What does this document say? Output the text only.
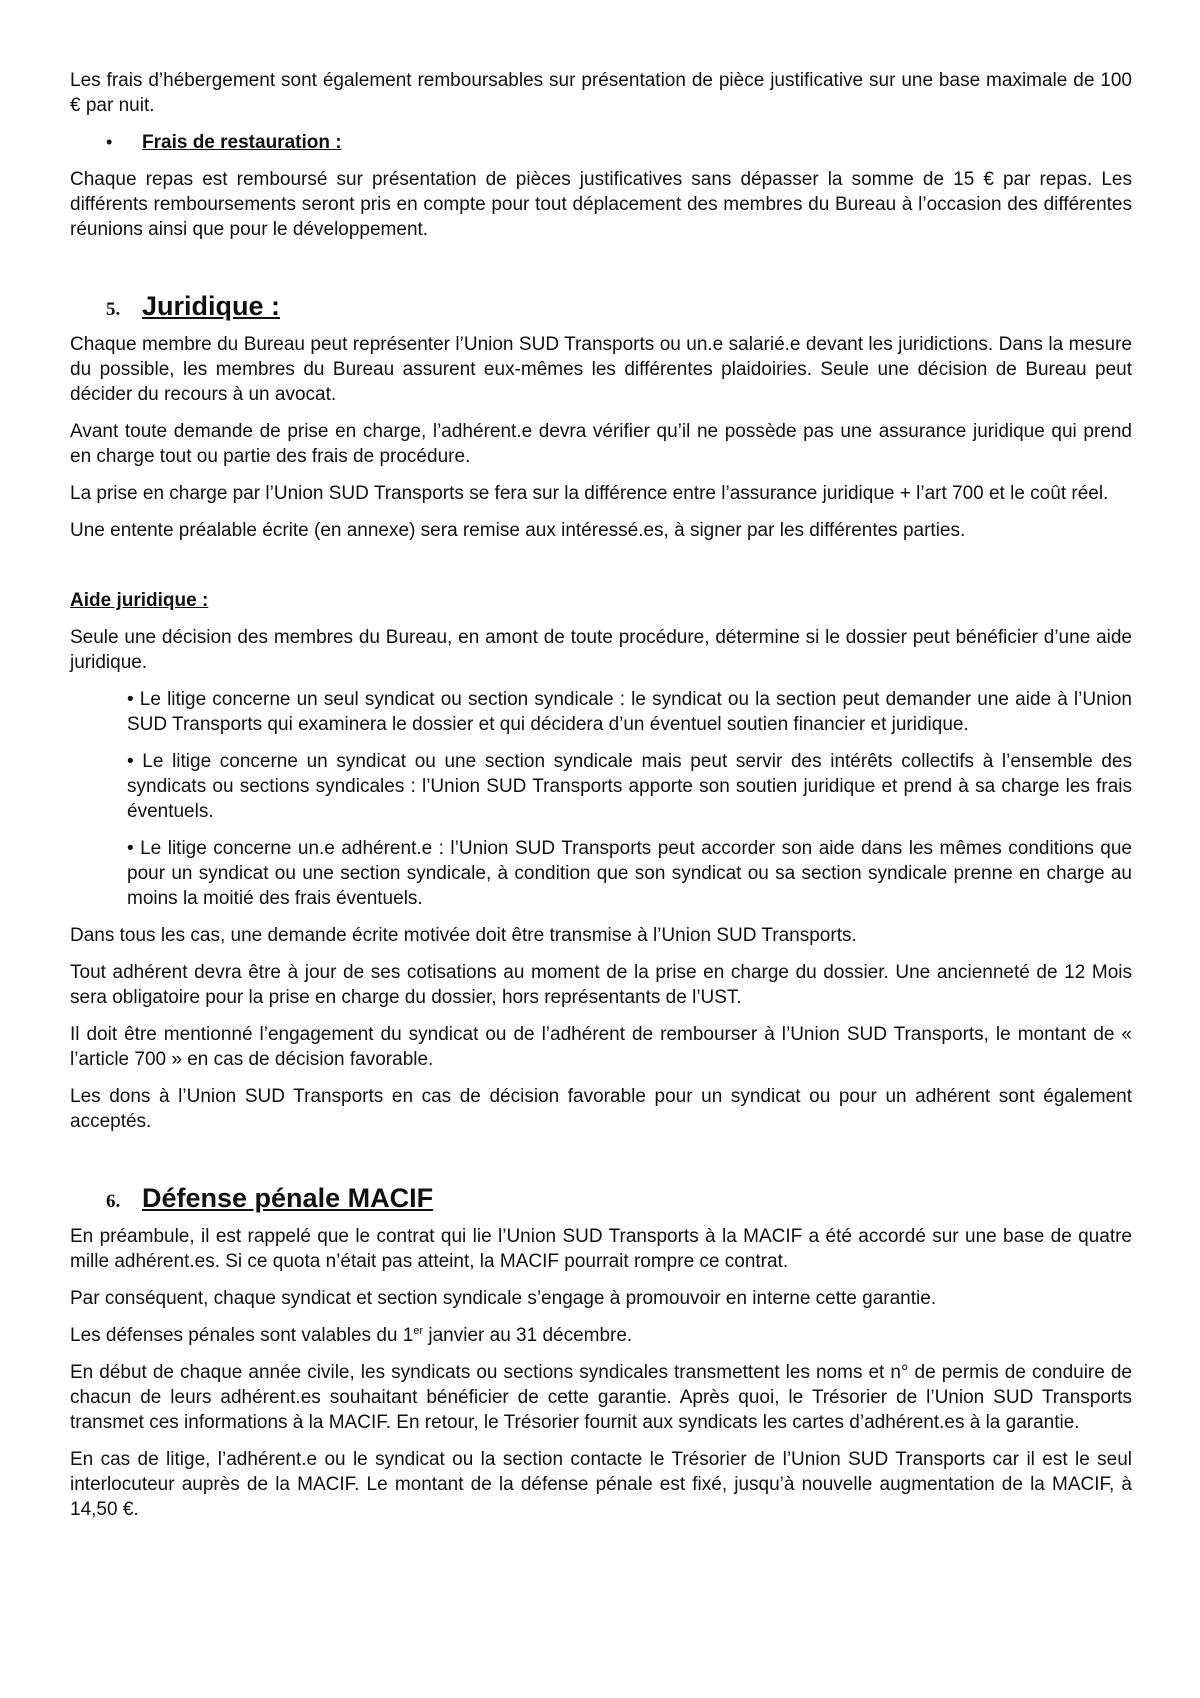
Les frais d’hébergement sont également remboursables sur présentation de pièce justificative sur une base maximale de 100 € par nuit.

•	Frais de restauration :

Chaque repas est remboursé sur présentation de pièces justificatives sans dépasser la somme de 15 € par repas. Les différents remboursements seront pris en compte pour tout déplacement des membres du Bureau à l’occasion des différentes réunions ainsi que pour le développement.

5. Juridique :

Chaque membre du Bureau peut représenter l’Union SUD Transports ou un.e salarié.e devant les juridictions. Dans la mesure du possible, les membres du Bureau assurent eux-mêmes les différentes plaidoiries. Seule une décision de Bureau peut décider du recours à un avocat.

Avant toute demande de prise en charge, l’adhérent.e devra vérifier qu’il ne possède pas une assurance juridique qui prend en charge tout ou partie des frais de procédure.

La prise en charge par l’Union SUD Transports se fera sur la différence entre l’assurance juridique + l’art 700 et le coût réel.

Une entente préalable écrite (en annexe) sera remise aux intéressé.es, à signer par les différentes parties.

Aide juridique :

Seule une décision des membres du Bureau, en amont de toute procédure, détermine si le dossier peut bénéficier d’une aide juridique.

• Le litige concerne un seul syndicat ou section syndicale : le syndicat ou la section peut demander une aide à l’Union SUD Transports qui examinera le dossier et qui décidera d’un éventuel soutien financier et juridique.
• Le litige concerne un syndicat ou une section syndicale mais peut servir des intérêts collectifs à l’ensemble des syndicats ou sections syndicales : l’Union SUD Transports apporte son soutien juridique et prend à sa charge les frais éventuels.
• Le litige concerne un.e adhérent.e : l’Union SUD Transports peut accorder son aide dans les mêmes conditions que pour un syndicat ou une section syndicale, à condition que son syndicat ou sa section syndicale prenne en charge au moins la moitié des frais éventuels.

Dans tous les cas, une demande écrite motivée doit être transmise à l’Union SUD Transports.

Tout adhérent devra être à jour de ses cotisations au moment de la prise en charge du dossier. Une ancienneté de 12 Mois sera obligatoire pour la prise en charge du dossier, hors représentants de l’UST.

Il doit être mentionné l’engagement du syndicat ou de l’adhérent de rembourser à l’Union SUD Transports, le montant de « l’article 700 » en cas de décision favorable.

Les dons à l’Union SUD Transports en cas de décision favorable pour un syndicat ou pour un adhérent sont également acceptés.

6. Défense pénale MACIF

En préambule, il est rappelé que le contrat qui lie l’Union SUD Transports à la MACIF a été accordé sur une base de quatre mille adhérent.es. Si ce quota n’était pas atteint, la MACIF pourrait rompre ce contrat.

Par conséquent, chaque syndicat et section syndicale s’engage à promouvoir en interne cette garantie.

Les défenses pénales sont valables du 1er janvier au 31 décembre.

En début de chaque année civile, les syndicats ou sections syndicales transmettent les noms et n° de permis de conduire de chacun de leurs adhérent.es souhaitant bénéficier de cette garantie. Après quoi, le Trésorier de l’Union SUD Transports transmet ces informations à la MACIF. En retour, le Trésorier fournit aux syndicats les cartes d’adhérent.es à la garantie.

En cas de litige, l’adhérent.e ou le syndicat ou la section contacte le Trésorier de l’Union SUD Transports car il est le seul interlocuteur auprès de la MACIF. Le montant de la défense pénale est fixé, jusqu’à nouvelle augmentation de la MACIF, à 14,50 €.
